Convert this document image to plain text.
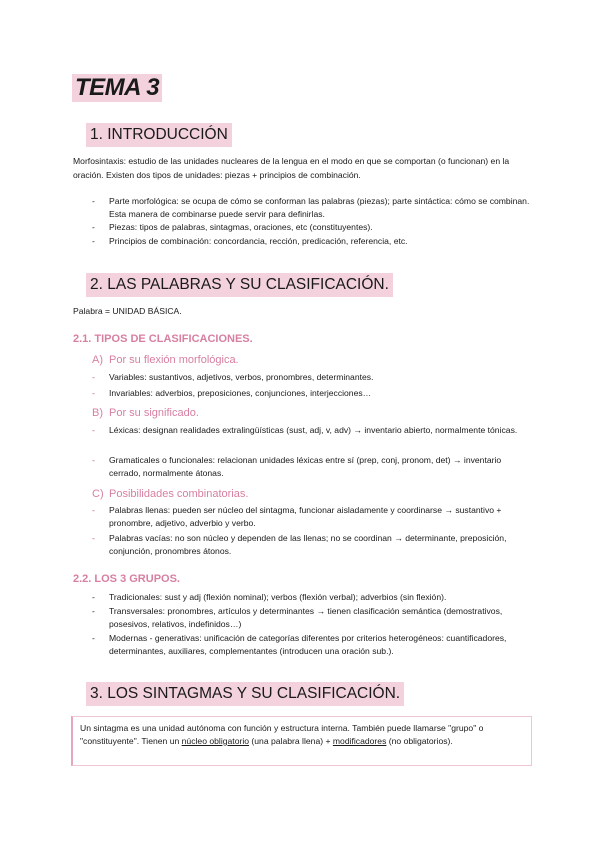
TEMA 3
1. INTRODUCCIÓN

Morfosintaxis: estudio de las unidades nucleares de la lengua en el modo en que se comportan (o funcionan) en la oración. Existen dos tipos de unidades: piezas + principios de combinación.

- Parte morfológica: se ocupa de cómo se conforman las palabras (piezas); parte sintáctica: cómo se combinan. Esta manera de combinarse puede servir para definirlas.
- Piezas: tipos de palabras, sintagmas, oraciones, etc (constituyentes).
- Principios de combinación: concordancia, rección, predicación, referencia, etc.
2. LAS PALABRAS Y SU CLASIFICACIÓN.

Palabra = UNIDAD BÁSICA.

2.1. TIPOS DE CLASIFICACIONES.
A) Por su flexión morfológica.
- Variables: sustantivos, adjetivos, verbos, pronombres, determinantes.
- Invariables: adverbios, preposiciones, conjunciones, interjecciones…
B) Por su significado.
- Léxicas: designan realidades extralingüísticas (sust, adj, v, adv) → inventario abierto, normalmente tónicas.
- Gramaticales o funcionales: relacionan unidades léxicas entre sí (prep, conj, pronom, det) → inventario cerrado, normalmente átonas.
C) Posibilidades combinatorias.
- Palabras llenas: pueden ser núcleo del sintagma, funcionar aisladamente y coordinarse → sustantivo + pronombre, adjetivo, adverbio y verbo.
- Palabras vacías: no son núcleo y dependen de las llenas; no se coordinan → determinante, preposición, conjunción, pronombres átonos.
2.2. LOS 3 GRUPOS.
- Tradicionales: sust y adj (flexión nominal); verbos (flexión verbal); adverbios (sin flexión).
- Transversales: pronombres, artículos y determinantes → tienen clasificación semántica (demostrativos, posesivos, relativos, indefinidos…)
- Modernas - generativas: unificación de categorías diferentes por criterios heterogéneos: cuantificadores, determinantes, auxiliares, complementantes (introducen una oración sub.).
3. LOS SINTAGMAS Y SU CLASIFICACIÓN.
Un sintagma es una unidad autónoma con función y estructura interna. También puede llamarse "grupo" o "constituyente". Tienen un núcleo obligatorio (una palabra llena) + modificadores (no obligatorios).
